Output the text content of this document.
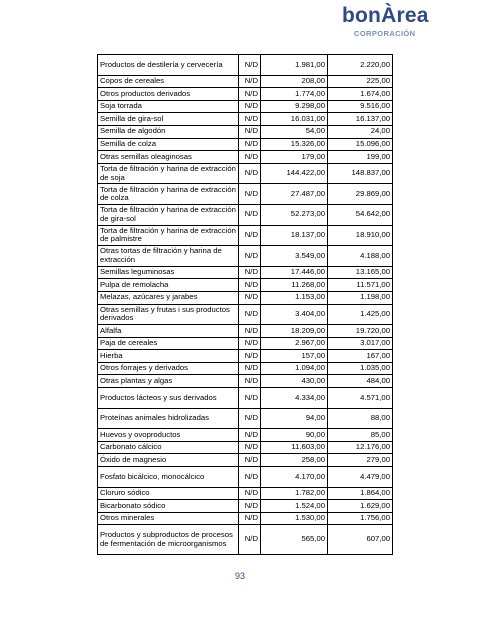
bonÀrea
CORPORACIÓN
Productos de destilería y cervecería	N/D	1.981,00	2.220,00
Copos de cereales	N/D	208,00	225,00
Otros productos derivados	N/D	1.774,00	1.674,00
Soja torrada	N/D	9.298,00	9.516,00
Semilla de gira-sol	N/D	16.031,00	16.137,00
Semilla de algodón	N/D	54,00	24,00
Semilla de colza	N/D	15.326,00	15.096,00
Otras semillas oleaginosas	N/D	179,00	199,00
Torta de filtración y harina de extracción de soja	N/D	144.422,00	148.837,00
Torta de filtración y harina de extracción de colza	N/D	27.487,00	29.869,00
Torta de filtración y harina de extracción de gira-sol	N/D	52.273,00	54.642,00
Torta de filtración y harina de extracción de palmistre	N/D	18.137,00	18.910,00
Otras tortas de filtración y harina de extracción	N/D	3.549,00	4.188,00
Semillas leguminosas	N/D	17.446,00	13.165,00
Pulpa de remolacha	N/D	11.268,00	11.571,00
Melazas, azúcares y jarabes	N/D	1.153,00	1.198,00
Otras semillas y frutas i sus productos derivados	N/D	3.404,00	1.425,00
Alfalfa	N/D	18.209,00	19.720,00
Paja de cereales	N/D	2.967,00	3.017,00
Hierba	N/D	157,00	167,00
Otros forrajes y derivados	N/D	1.094,00	1.035,00
Otras plantas y algas	N/D	430,00	484,00
Productos lácteos y sus derivados	N/D	4.334,00	4.571,00
Proteínas animales hidrolizadas	N/D	94,00	88,00
Huevos y ovoproductos	N/D	90,00	85,00
Carbonato cálcico	N/D	11.603,00	12.176,00
Óxido de magnesio	N/D	258,00	279,00
Fosfato bicálcico, monocálcico	N/D	4.170,00	4.479,00
Cloruro sódico	N/D	1.782,00	1.864,00
Bicarbonato sódico	N/D	1.524,00	1.629,00
Otros minerales	N/D	1.530,00	1.756,00
Productos y subproductos de procesos de fermentación de microorganismos	N/D	565,00	607,00
93
